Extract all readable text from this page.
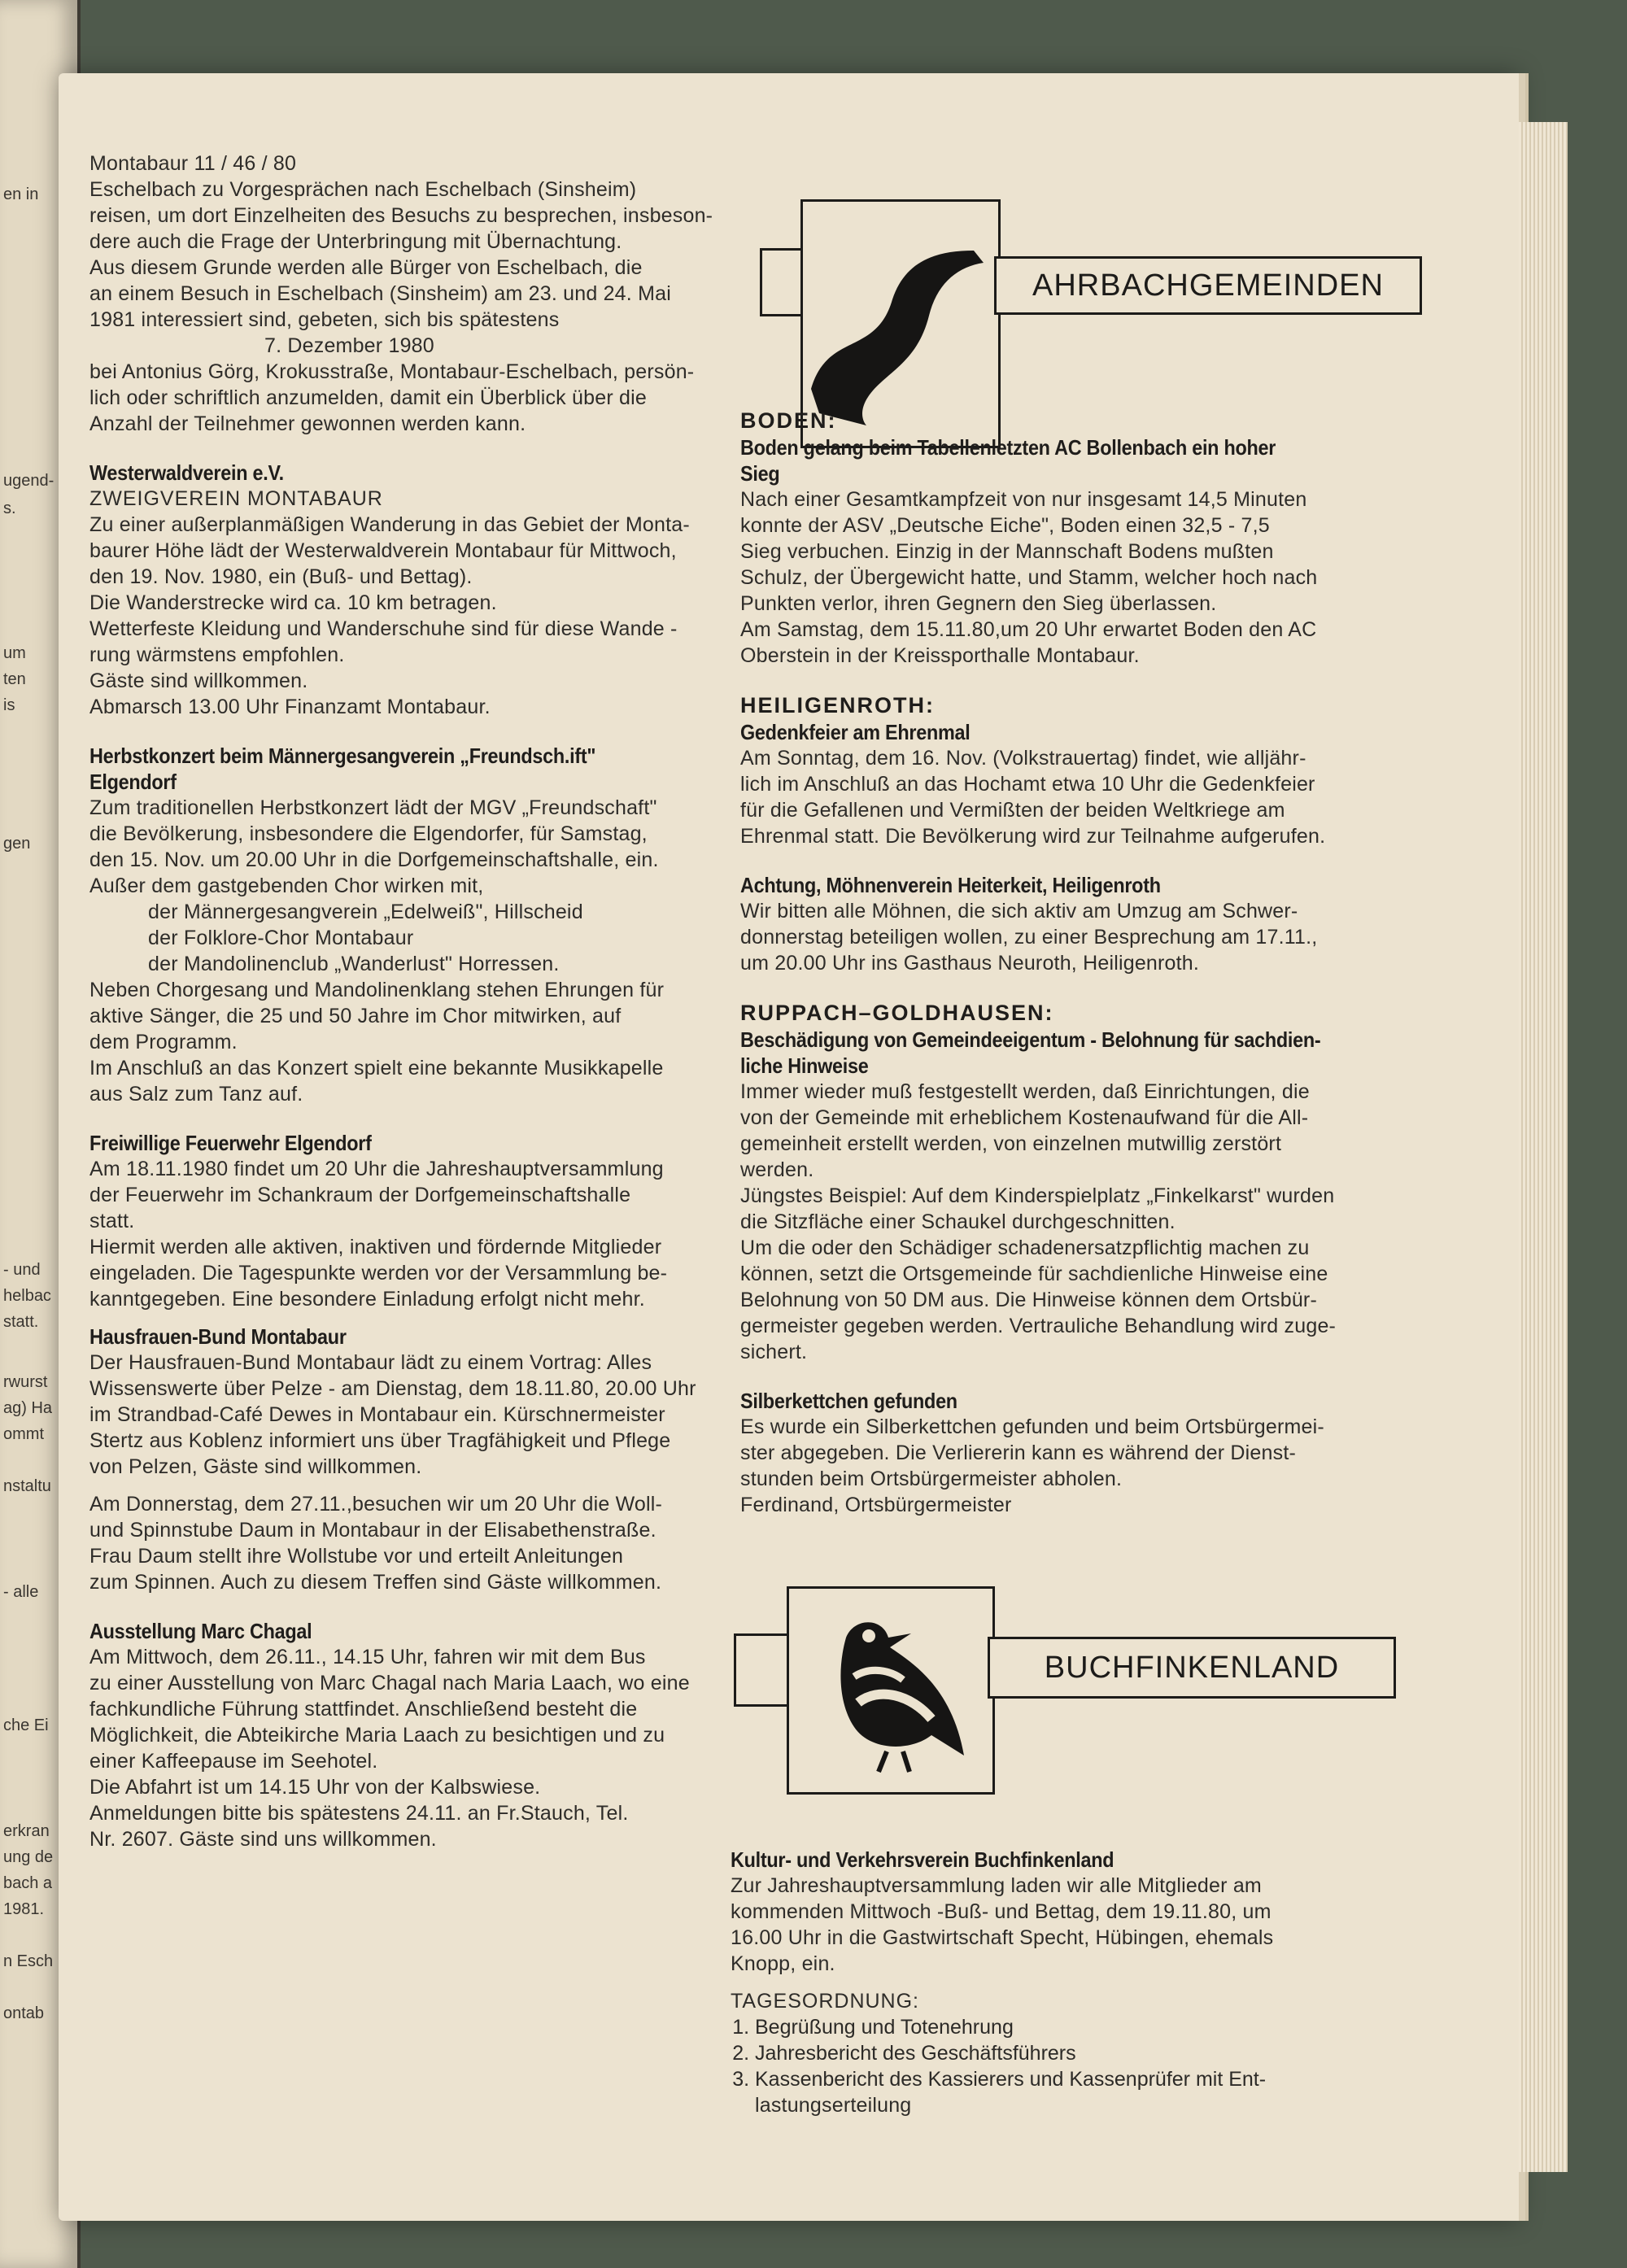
en in
ugend-
s.
um
ten
is
gen
- und
helbac
statt.
rwurst
ag) Ha
ommt
nstaltu
- alle
che Ei
erkran
ung de
bach a
1981.
n Esch
ontab
Montabaur 11 / 46 / 80
Eschelbach zu Vorgesprächen nach Eschelbach (Sinsheim)
reisen, um dort Einzelheiten des Besuchs zu besprechen, insbeson-
dere auch die Frage der Unterbringung mit Übernachtung.
Aus diesem Grunde werden alle Bürger von Eschelbach, die
an einem Besuch in Eschelbach (Sinsheim) am 23. und 24. Mai
1981 interessiert sind, gebeten, sich bis spätestens
7. Dezember 1980
bei Antonius Görg, Krokusstraße, Montabaur-Eschelbach, persön-
lich oder schriftlich anzumelden, damit ein Überblick über die
Anzahl der Teilnehmer gewonnen werden kann.
Westerwaldverein e.V.
ZWEIGVEREIN MONTABAUR
Zu einer außerplanmäßigen Wanderung in das Gebiet der Monta-
baurer Höhe lädt der Westerwaldverein Montabaur für Mittwoch,
den 19. Nov. 1980, ein (Buß- und Bettag).
Die Wanderstrecke wird ca. 10 km betragen.
Wetterfeste Kleidung und Wanderschuhe sind für diese Wande -
rung wärmstens empfohlen.
Gäste sind willkommen.
Abmarsch 13.00 Uhr Finanzamt Montabaur.
Herbstkonzert beim Männergesangverein „Freundsch.ift"
Elgendorf
Zum traditionellen Herbstkonzert lädt der MGV „Freundschaft"
die Bevölkerung, insbesondere die Elgendorfer, für Samstag,
den 15. Nov. um 20.00 Uhr in die Dorfgemeinschaftshalle, ein.
Außer dem gastgebenden Chor wirken mit,
der Männergesangverein „Edelweiß", Hillscheid
der Folklore-Chor Montabaur
der Mandolinenclub „Wanderlust" Horressen.
Neben Chorgesang und Mandolinenklang stehen Ehrungen für
aktive Sänger, die 25 und 50 Jahre im Chor mitwirken, auf
dem Programm.
Im Anschluß an das Konzert spielt eine bekannte Musikkapelle
aus Salz zum Tanz auf.
Freiwillige Feuerwehr Elgendorf
Am 18.11.1980 findet um 20 Uhr die Jahreshauptversammlung
der Feuerwehr im Schankraum der Dorfgemeinschaftshalle
statt.
Hiermit werden alle aktiven, inaktiven und fördernde Mitglieder
eingeladen. Die Tagespunkte werden vor der Versammlung be-
kanntgegeben. Eine besondere Einladung erfolgt nicht mehr.
Hausfrauen-Bund Montabaur
Der Hausfrauen-Bund Montabaur lädt zu einem Vortrag: Alles
Wissenswerte über Pelze - am Dienstag, dem 18.11.80, 20.00 Uhr
im Strandbad-Café Dewes in Montabaur ein. Kürschnermeister
Stertz aus Koblenz informiert uns über Tragfähigkeit und Pflege
von Pelzen, Gäste sind willkommen.
Am Donnerstag, dem 27.11.,besuchen wir um 20 Uhr die Woll-
und Spinnstube Daum in Montabaur in der Elisabethenstraße.
Frau Daum stellt ihre Wollstube vor und erteilt Anleitungen
zum Spinnen. Auch zu diesem Treffen sind Gäste willkommen.
Ausstellung Marc Chagal
Am Mittwoch, dem 26.11., 14.15 Uhr, fahren wir mit dem Bus
zu einer Ausstellung von Marc Chagal nach Maria Laach, wo eine
fachkundliche Führung stattfindet. Anschließend besteht die
Möglichkeit, die Abteikirche Maria Laach zu besichtigen und zu
einer Kaffeepause im Seehotel.
Die Abfahrt ist um 14.15 Uhr von der Kalbswiese.
Anmeldungen bitte bis spätestens 24.11. an Fr.Stauch, Tel.
Nr. 2607. Gäste sind uns willkommen.
AHRBACHGEMEINDEN
BODEN:
Boden gelang beim Tabellenletzten AC Bollenbach ein hoher
Sieg
Nach einer Gesamtkampfzeit von nur insgesamt 14,5 Minuten
konnte der ASV „Deutsche Eiche", Boden einen 32,5 - 7,5
Sieg verbuchen. Einzig in der Mannschaft Bodens mußten
Schulz, der Übergewicht hatte, und Stamm, welcher hoch nach
Punkten verlor, ihren Gegnern den Sieg überlassen.
Am Samstag, dem 15.11.80,um 20 Uhr erwartet Boden den AC
Oberstein in der Kreissporthalle Montabaur.
HEILIGENROTH:
Gedenkfeier am Ehrenmal
Am Sonntag, dem 16. Nov. (Volkstrauertag) findet, wie alljähr-
lich im Anschluß an das Hochamt etwa 10 Uhr die Gedenkfeier
für die Gefallenen und Vermißten der beiden Weltkriege am
Ehrenmal statt. Die Bevölkerung wird zur Teilnahme aufgerufen.
Achtung, Möhnenverein Heiterkeit, Heiligenroth
Wir bitten alle Möhnen, die sich aktiv am Umzug am Schwer-
donnerstag beteiligen wollen, zu einer Besprechung am 17.11.,
um 20.00 Uhr ins Gasthaus Neuroth, Heiligenroth.
RUPPACH–GOLDHAUSEN:
Beschädigung von Gemeindeeigentum - Belohnung für sachdien-
liche Hinweise
Immer wieder muß festgestellt werden, daß Einrichtungen, die
von der Gemeinde mit erheblichem Kostenaufwand für die All-
gemeinheit erstellt werden, von einzelnen mutwillig zerstört
werden.
Jüngstes Beispiel: Auf dem Kinderspielplatz „Finkelkarst" wurden
die Sitzfläche einer Schaukel durchgeschnitten.
Um die oder den Schädiger schadenersatzpflichtig machen zu
können, setzt die Ortsgemeinde für sachdienliche Hinweise eine
Belohnung von 50 DM aus. Die Hinweise können dem Ortsbür-
germeister gegeben werden. Vertrauliche Behandlung wird zuge-
sichert.
Silberkettchen gefunden
Es wurde ein Silberkettchen gefunden und beim Ortsbürgermei-
ster abgegeben. Die Verliererin kann es während der Dienst-
stunden beim Ortsbürgermeister abholen.
Ferdinand, Ortsbürgermeister
BUCHFINKENLAND
Kultur- und Verkehrsverein Buchfinkenland
Zur Jahreshauptversammlung laden wir alle Mitglieder am
kommenden Mittwoch -Buß- und Bettag, dem 19.11.80, um
16.00 Uhr in die Gastwirtschaft Specht, Hübingen, ehemals
Knopp, ein.
TAGESORDNUNG:
1. Begrüßung und Totenehrung
2. Jahresbericht des Geschäftsführers
3. Kassenbericht des Kassierers und Kassenprüfer mit Ent-
lastungserteilung
